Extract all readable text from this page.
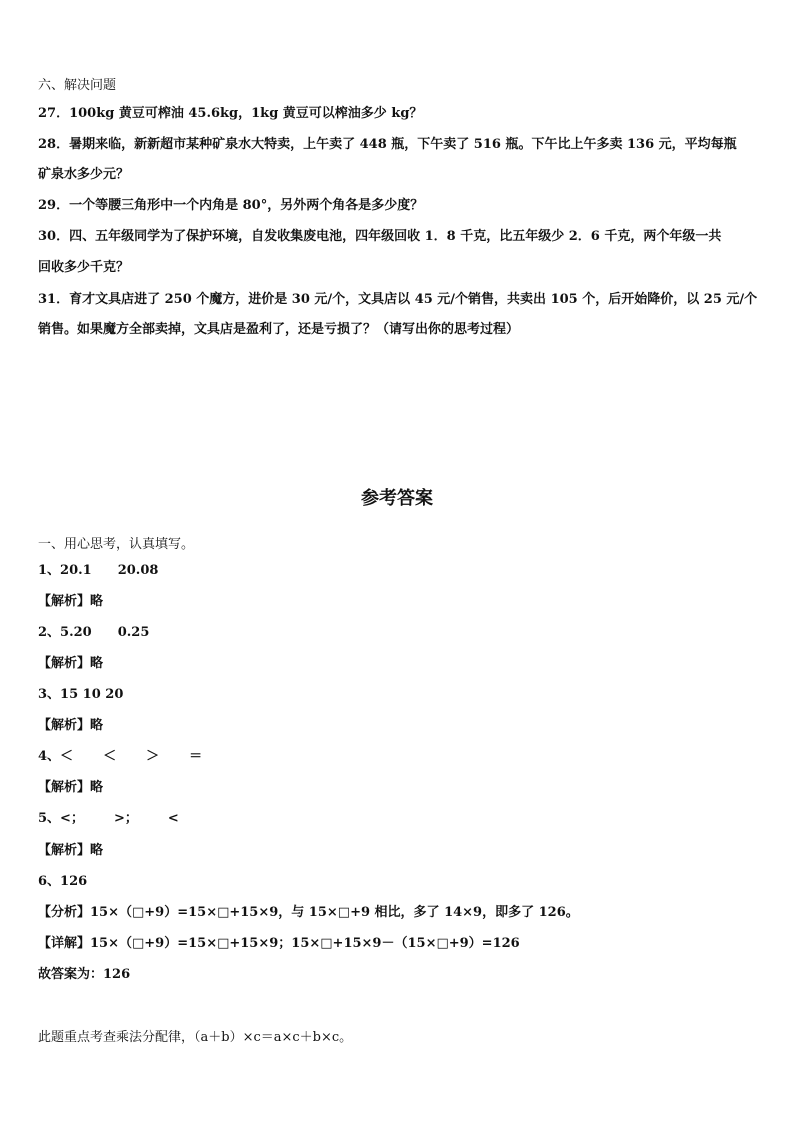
六、解决问题
27．100kg 黄豆可榨油 45.6kg，1kg 黄豆可以榨油多少 kg？
28．暑期来临，新新超市某种矿泉水大特卖，上午卖了 448 瓶，下午卖了 516 瓶。下午比上午多卖 136 元，平均每瓶
矿泉水多少元？
29．一个等腰三角形中一个内角是 80°，另外两个角各是多少度？
30．四、五年级同学为了保护环境，自发收集废电池，四年级回收 1．8 千克，比五年级少 2．6 千克，两个年级一共
回收多少千克？
31．育才文具店进了 250 个魔方，进价是 30 元/个，文具店以 45 元/个销售，共卖出 105 个，后开始降价，以 25 元/个
销售。如果魔方全部卖掉，文具店是盈利了，还是亏损了？（请写出你的思考过程）
参考答案
一、用心思考，认真填写。
1、20.1 20.08
【解析】略
2、5.20 0.25
【解析】略
3、15 10 20
【解析】略
4、＜ ＜ ＞ ＝
【解析】略
5、<； >； <
【解析】略
6、126
【分析】15×（□+9）=15×□+15×9，与 15×□+9 相比，多了 14×9，即多了 126。
【详解】15×（□+9）=15×□+15×9；15×□+15×9－（15×□+9）=126
故答案为：126
此题重点考查乘法分配律，（a＋b）×c＝a×c＋b×c。
